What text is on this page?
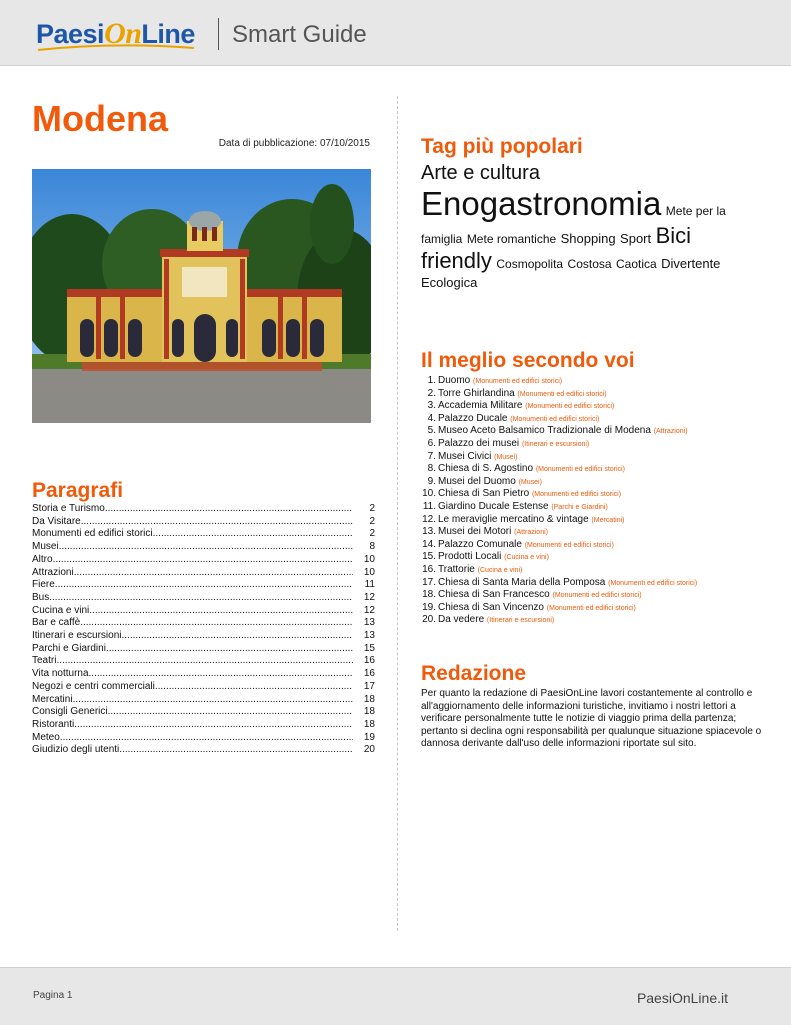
PaesiOnLine Smart Guide
Modena
Data di pubblicazione: 07/10/2015
Paragrafi
Storia e Turismo .....	2
Da Visitare .....	2
Monumenti ed edifici storici .....	2
Musei .....	8
Altro .....	10
Attrazioni .....	10
Fiere .....	11
Bus .....	12
Cucina e vini .....	12
Bar e caffè .....	13
Itinerari e escursioni .....	13
Parchi e Giardini .....	15
Teatri .....	16
Vita notturna .....	16
Negozi e centri commerciali .....	17
Mercatini .....	18
Consigli Generici .....	18
Ristoranti .....	18
Meteo .....	19
Giudizio degli utenti .....	20
Tag più popolari
Arte e cultura
Enogastronomia Mete per la famiglia Mete romantiche Shopping Sport Bici friendly Cosmopolita Costosa Caotica Divertente Ecologica
Il meglio secondo voi
1. Duomo (Monumenti ed edifici storici)
2. Torre Ghirlandina (Monumenti ed edifici storici)
3. Accademia Militare (Monumenti ed edifici storici)
4. Palazzo Ducale (Monumenti ed edifici storici)
5. Museo Aceto Balsamico Tradizionale di Modena (Attrazioni)
6. Palazzo dei musei (Itinerari e escursioni)
7. Musei Civici (Musei)
8. Chiesa di S. Agostino (Monumenti ed edifici storici)
9. Musei del Duomo (Musei)
10. Chiesa di San Pietro (Monumenti ed edifici storici)
11. Giardino Ducale Estense (Parchi e Giardini)
12. Le meraviglie mercatino & vintage (Mercatini)
13. Musei dei Motori (Attrazioni)
14. Palazzo Comunale (Monumenti ed edifici storici)
15. Prodotti Locali (Cucina e vini)
16. Trattorie (Cucina e vini)
17. Chiesa di Santa Maria della Pomposa (Monumenti ed edifici storici)
18. Chiesa di San Francesco (Monumenti ed edifici storici)
19. Chiesa di San Vincenzo (Monumenti ed edifici storici)
20. Da vedere (Itinerari e escursioni)
Redazione
Per quanto la redazione di PaesiOnLine lavori costantemente al controllo e all'aggiornamento delle informazioni turistiche, invitiamo i nostri lettori a verificare personalmente tutte le notizie di viaggio prima della partenza; pertanto si declina ogni responsabilità per qualunque situazione spiacevole o dannosa derivante dall'uso delle informazioni riportate sul sito.
Pagina 1	PaesiOnLine.it
